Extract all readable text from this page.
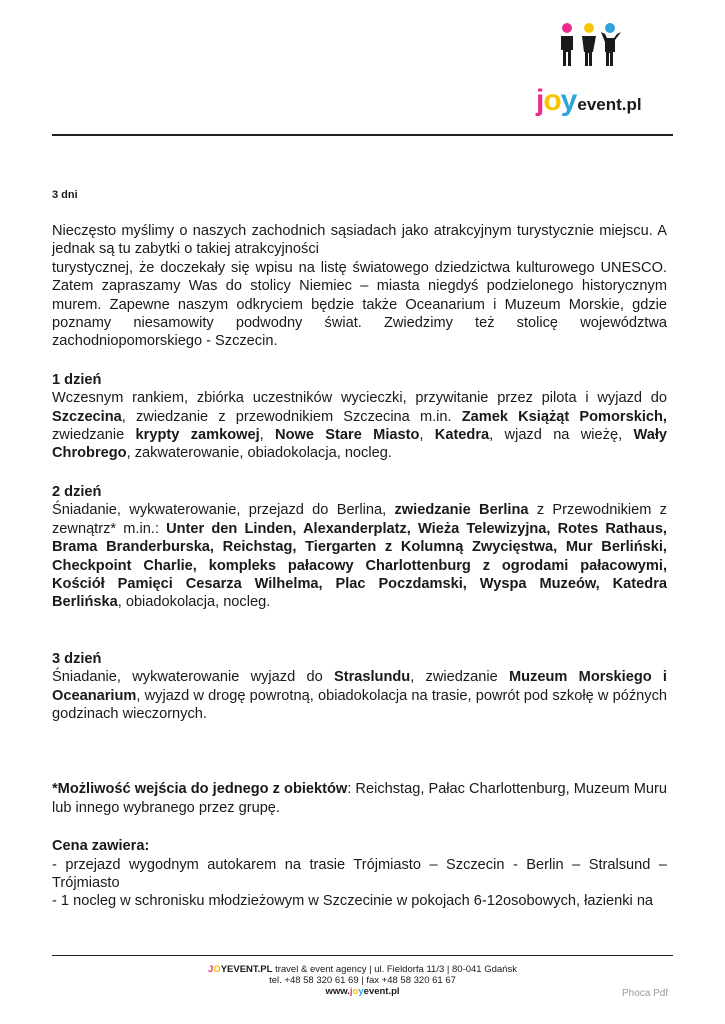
joyevent.pl
3 dni

Nieczęsto myślimy o naszych zachodnich sąsiadach jako atrakcyjnym turystycznie miejscu. A jednak są tu zabytki o takiej atrakcyjności

turystycznej, że doczekały się wpisu na listę światowego dziedzictwa kulturowego UNESCO. Zatem zapraszamy Was do stolicy Niemiec – miasta niegdyś podzielonego historycznym murem. Zapewne naszym odkryciem będzie także Oceanarium i Muzeum Morskie, gdzie poznamy niesamowity podwodny świat. Zwiedzimy też stolicę województwa zachodniopomorskiego - Szczecin.

1 dzień

Wczesnym rankiem, zbiórka uczestników wycieczki, przywitanie przez pilota i wyjazd do Szczecina, zwiedzanie z przewodnikiem Szczecina m.in. Zamek Książąt Pomorskich, zwiedzanie krypty zamkowej, Nowe Stare Miasto, Katedra, wjazd na wieżę, Wały Chrobrego, zakwaterowanie, obiadokolacja, nocleg.

2 dzień

Śniadanie, wykwaterowanie, przejazd do Berlina, zwiedzanie Berlina z Przewodnikiem z zewnątrz* m.in.: Unter den Linden, Alexanderplatz, Wieża Telewizyjna, Rotes Rathaus, Brama Branderburska, Reichstag, Tiergarten z Kolumną Zwycięstwa, Mur Berliński, Checkpoint Charlie, kompleks pałacowy Charlottenburg z ogrodami pałacowymi, Kościół Pamięci Cesarza Wilhelma, Plac Poczdamski, Wyspa Muzeów, Katedra Berlińska, obiadokolacja, nocleg.

3 dzień

Śniadanie, wykwaterowanie wyjazd do Straslundu, zwiedzanie Muzeum Morskiego i Oceanarium, wyjazd w drogę powrotną, obiadokolacja na trasie, powrót pod szkołę w późnych godzinach wieczornych.

*Możliwość wejścia do jednego z obiektów: Reichstag, Pałac Charlottenburg, Muzeum Muru lub innego wybranego przez grupę.

Cena zawiera:

- przejazd wygodnym autokarem na trasie Trójmiasto – Szczecin - Berlin – Stralsund – Trójmiasto

- 1 nocleg w schronisku młodzieżowym w Szczecinie w pokojach 6-12osobowych, łazienki na

JOYEVENT.PL travel & event agency | ul. Fieldorfa 11/3 | 80-041 Gdańsk
tel. +48 58 320 61 69 | fax +48 58 320 61 67
www.joyevent.pl	Phoca Pdf
